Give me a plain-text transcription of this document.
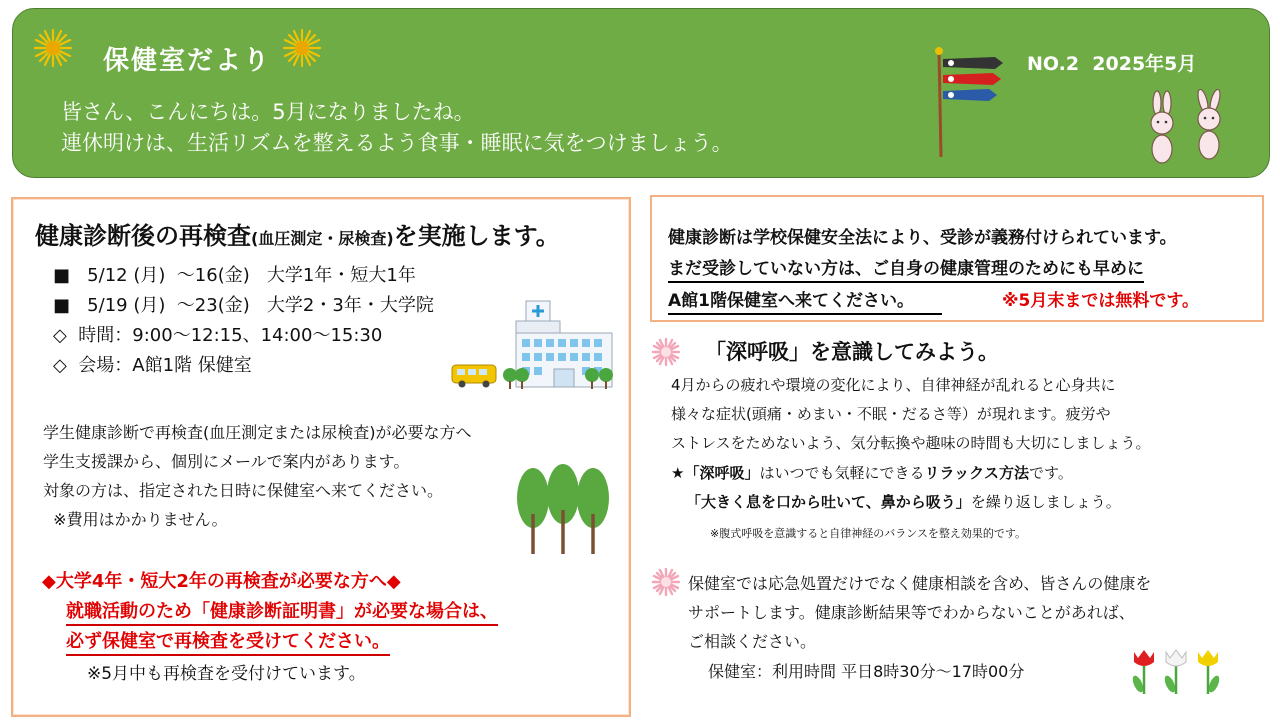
保健室だより
皆さん、こんにちは。5月になりましたね。
連休明けは、生活リズムを整えるよう食事・睡眠に気をつけましょう。
NO.2  2025年5月
健康診断後の再検査(血圧測定・尿検査)を実施します。
■   5/12 (月)  〜16(金)   大学1年・短大1年
■   5/19 (月)  〜23(金)   大学2・3年・大学院
◇  時間：9:00〜12:15、14:00〜15:30
◇  会場：A館1階 保健室
学生健康診断で再検査(血圧測定または尿検査)が必要な方へ
学生支援課から、個別にメールで案内があります。
対象の方は、指定された日時に保健室へ来てください。
※費用はかかりません。
◆大学4年・短大2年の再検査が必要な方へ◆
就職活動のため「健康診断証明書」が必要な場合は、
必ず保健室で再検査を受けてください。
※5月中も再検査を受付けています。
健康診断は学校保健安全法により、受診が義務付けられています。
まだ受診していない方は、ご自身の健康管理のためにも早めに
A館1階保健室へ来てください。	※5月末までは無料です。
「深呼吸」を意識してみよう。
4月からの疲れや環境の変化により、自律神経が乱れると心身共に
様々な症状(頭痛・めまい・不眠・だるさ等）が現れます。疲労や
ストレスをためないよう、気分転換や趣味の時間も大切にしましょう。
★「深呼吸」はいつでも気軽にできるリラックス方法です。
「大きく息を口から吐いて、鼻から吸う」を繰り返しましょう。
※腹式呼吸を意識すると自律神経のバランスを整え効果的です。
保健室では応急処置だけでなく健康相談を含め、皆さんの健康を
サポートします。健康診断結果等でわからないことがあれば、
ご相談ください。
保健室：利用時間 平日8時30分〜17時00分
